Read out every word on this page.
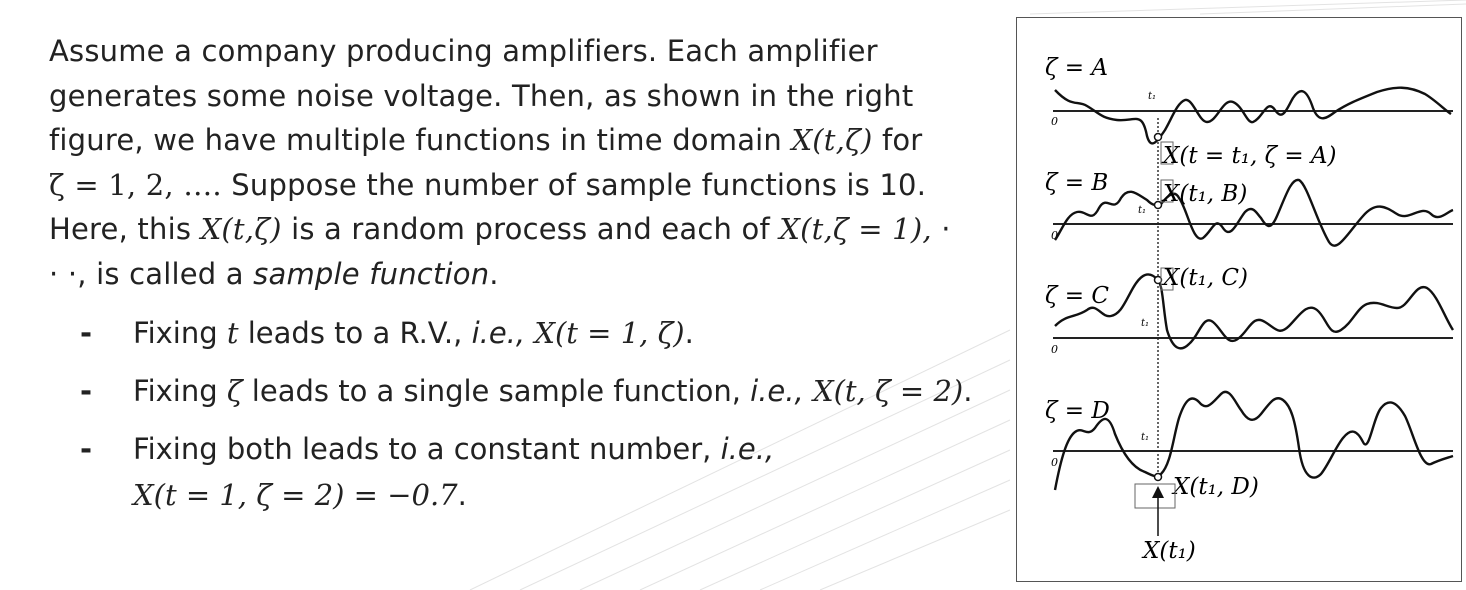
Assume a company producing amplifiers. Each amplifier
generates some noise voltage. Then, as shown in the right
figure, we have multiple functions in time domain X(t,ζ) for
ζ = 1, 2, …. Suppose the number of sample functions is 10.
Here, this X(t,ζ) is a random process and each of X(t,ζ = 1), ·
· ·, is called a sample function.
- Fixing t leads to a R.V., i.e., X(t = 1, ζ).
- Fixing ζ leads to a single sample function, i.e., X(t, ζ = 2).
- Fixing both leads to a constant number, i.e.,
X(t = 1, ζ = 2) = −0.7.
ζ = A
0
t₁
X(t = t₁, ζ = A)
ζ = B
0
t₁
X(t₁, B)
ζ = C
0
t₁
X(t₁, C)
ζ = D
0
t₁
X(t₁, D)
X(t₁)
